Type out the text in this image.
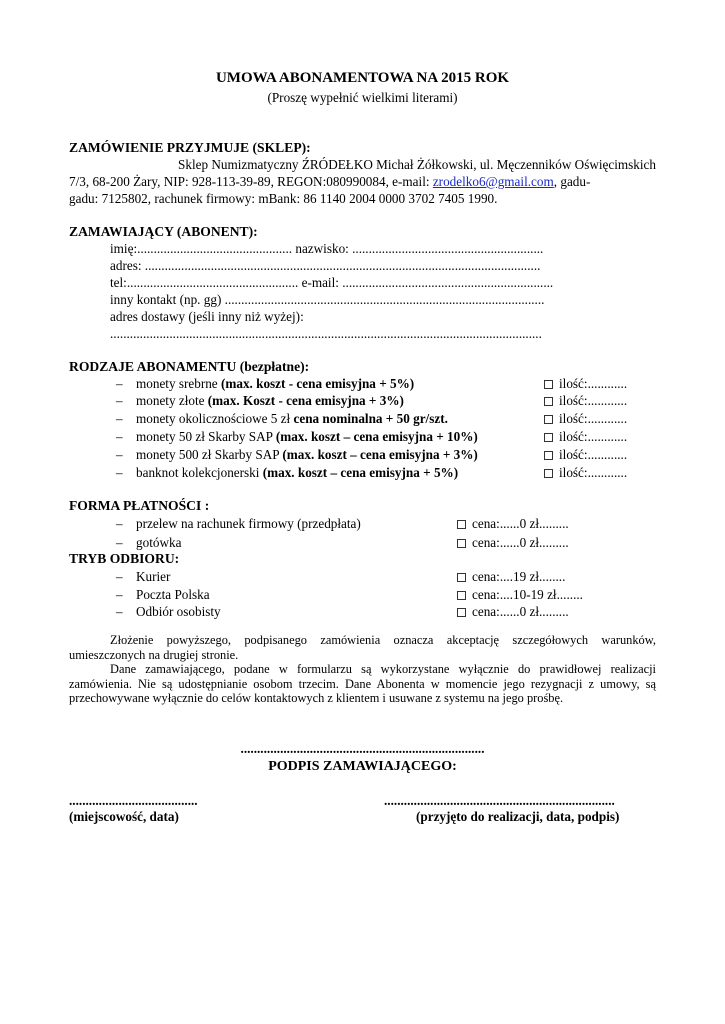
UMOWA ABONAMENTOWA NA 2015 ROK
(Proszę wypełnić wielkimi literami)
ZAMÓWIENIE PRZYJMUJE (SKLEP):
Sklep Numizmatyczny ŹRÓDEŁKO Michał Żółkowski, ul. Męczenników Oświęcimskich
7/3, 68-200 Żary, NIP: 928-113-39-89, REGON:080990084, e-mail: zrodelko6@gmail.com, gadu-
gadu: 7125802, rachunek firmowy: mBank: 86 1140 2004 0000 3702 7405 1990.
ZAMAWIAJĄCY (ABONENT):
imię:............................................... nazwisko: ..........................................................
adres: ........................................................................................................................
tel:.................................................... e-mail: ................................................................
inny kontakt (np. gg) .................................................................................................
adres dostawy (jeśli inny niż wyżej):
...................................................................................................................................
RODZAJE ABONAMENTU (bezpłatne):
– monety srebrne (max. koszt - cena emisyjna + 5%)	ilość:............
– monety złote (max. Koszt - cena emisyjna + 3%)	ilość:............
– monety okolicznościowe 5 zł cena nominalna + 50 gr/szt.	ilość:............
– monety 50 zł Skarby SAP (max. koszt – cena emisyjna + 10%)	ilość:............
– monety 500 zł Skarby SAP (max. koszt – cena emisyjna + 3%)	ilość:............
– banknot kolekcjonerski (max. koszt – cena emisyjna + 5%)	ilość:............
FORMA PŁATNOŚCI :
– przelew na rachunek firmowy (przedpłata)	cena:......0 zł.........
– gotówka	cena:......0 zł.........
TRYB ODBIORU:
– Kurier	cena:....19 zł........
– Poczta Polska	cena:....10-19 zł........
– Odbiór osobisty	cena:......0 zł.........
Złożenie powyższego, podpisanego zamówienia oznacza akceptację szczegółowych warunków, umieszczonych na drugiej stronie.
Dane zamawiającego, podane w formularzu są wykorzystane wyłącznie do prawidłowej realizacji zamówienia. Nie są udostępnianie osobom trzecim. Dane Abonenta w momencie jego rezygnacji z umowy, są przechowywane wyłącznie do celów kontaktowych z klientem i usuwane z systemu na jego prośbę.
..........................................................................
PODPIS ZAMAWIAJĄCEGO:
.......................................
(miejscowość, data)
......................................................................
(przyjęto do realizacji, data, podpis)
